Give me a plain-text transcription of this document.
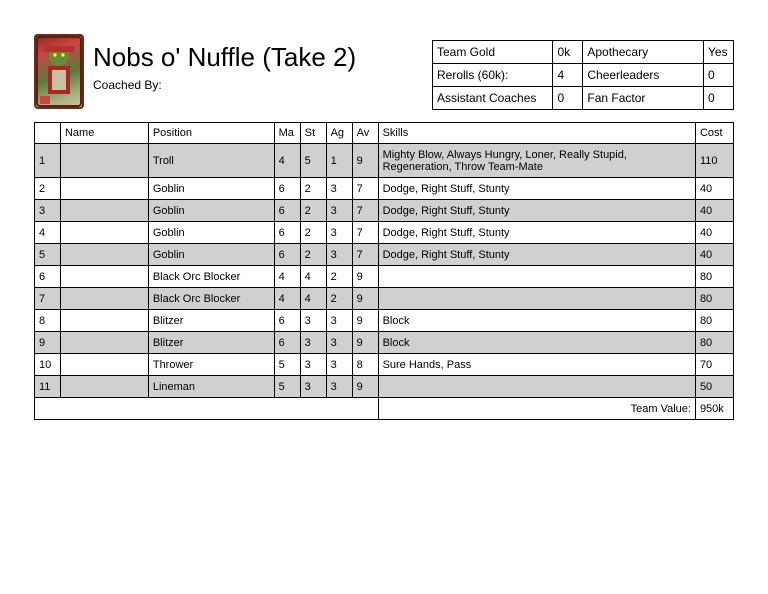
Nobs o' Nuffle (Take 2)
Coached By:
Team Gold	0k	Apothecary	Yes
Rerolls (60k):	4	Cheerleaders	0
Assistant Coaches	0	Fan Factor	0
	Name	Position	Ma	St	Ag	Av	Skills	Cost
1		Troll	4	5	1	9	Mighty Blow, Always Hungry, Loner, Really Stupid, Regeneration, Throw Team-Mate	110
2		Goblin	6	2	3	7	Dodge, Right Stuff, Stunty	40
3		Goblin	6	2	3	7	Dodge, Right Stuff, Stunty	40
4		Goblin	6	2	3	7	Dodge, Right Stuff, Stunty	40
5		Goblin	6	2	3	7	Dodge, Right Stuff, Stunty	40
6		Black Orc Blocker	4	4	2	9		80
7		Black Orc Blocker	4	4	2	9		80
8		Blitzer	6	3	3	9	Block	80
9		Blitzer	6	3	3	9	Block	80
10		Thrower	5	3	3	8	Sure Hands, Pass	70
11		Lineman	5	3	3	9		50
							Team Value:	950k
